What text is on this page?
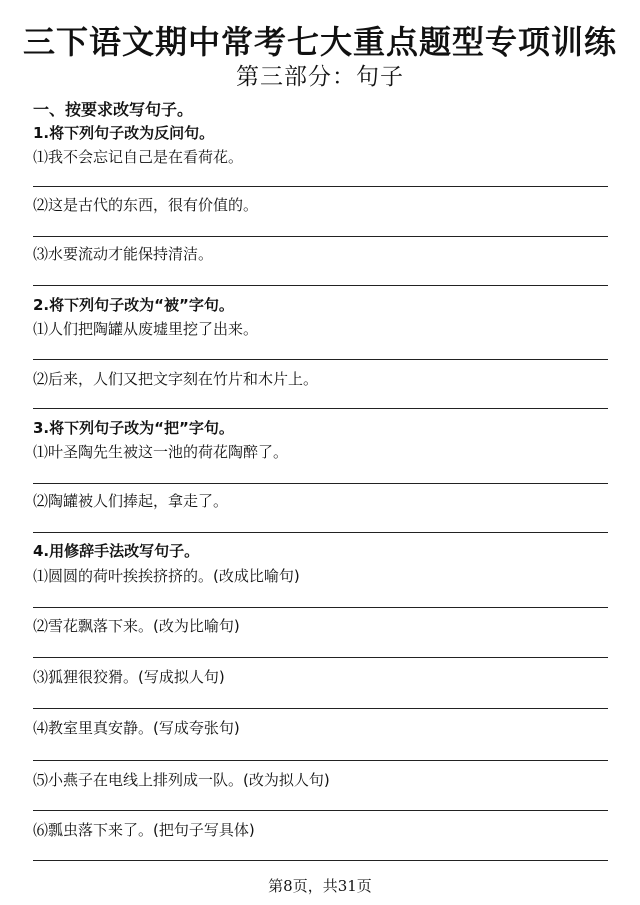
三下语文期中常考七大重点题型专项训练
第三部分：句子
一、按要求改写句子。
1.将下列句子改为反问句。
⑴我不会忘记自己是在看荷花。
⑵这是古代的东西，很有价值的。
⑶水要流动才能保持清洁。
2.将下列句子改为“被”字句。
⑴人们把陶罐从废墟里挖了出来。
⑵后来，人们又把文字刻在竹片和木片上。
3.将下列句子改为“把”字句。
⑴叶圣陶先生被这一池的荷花陶醉了。
⑵陶罐被人们捧起，拿走了。
4.用修辞手法改写句子。
⑴圆圆的荷叶挨挨挤挤的。(改成比喻句)
⑵雪花飘落下来。(改为比喻句)
⑶狐狸很狡猾。(写成拟人句)
⑷教室里真安静。(写成夸张句)
⑸小燕子在电线上排列成一队。(改为拟人句)
⑹瓢虫落下来了。(把句子写具体)
第8页，共31页
